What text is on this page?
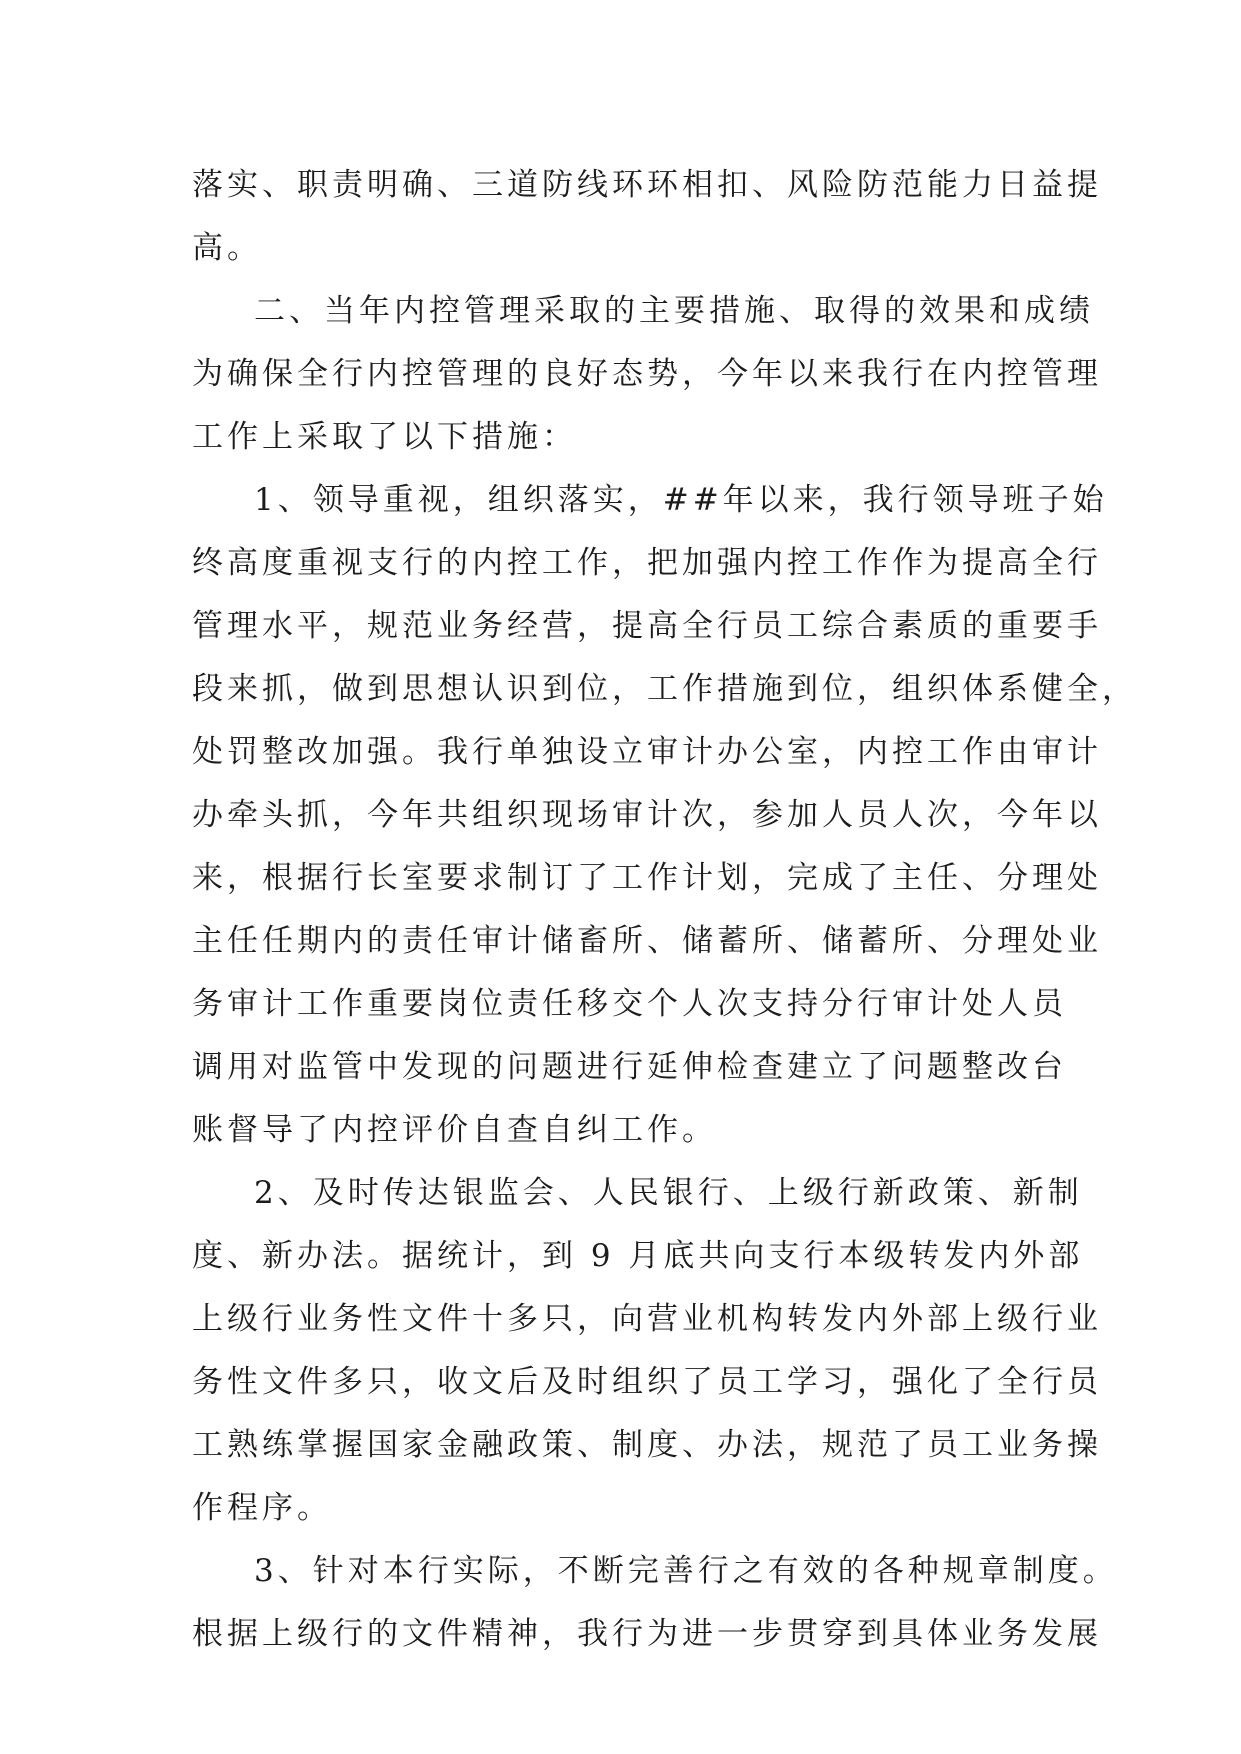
落实、职责明确、三道防线环环相扣、风险防范能力日益提
高。
二、当年内控管理采取的主要措施、取得的效果和成绩
为确保全行内控管理的良好态势，今年以来我行在内控管理
工作上采取了以下措施：
1、领导重视，组织落实，##年以来，我行领导班子始
终高度重视支行的内控工作，把加强内控工作作为提高全行
管理水平，规范业务经营，提高全行员工综合素质的重要手
段来抓，做到思想认识到位，工作措施到位，组织体系健全，
处罚整改加强。我行单独设立审计办公室，内控工作由审计
办牵头抓，今年共组织现场审计次，参加人员人次，今年以
来，根据行长室要求制订了工作计划，完成了主任、分理处
主任任期内的责任审计储畜所、储蓄所、储蓄所、分理处业
务审计工作重要岗位责任移交个人次支持分行审计处人员
调用对监管中发现的问题进行延伸检查建立了问题整改台
账督导了内控评价自查自纠工作。
2、及时传达银监会、人民银行、上级行新政策、新制
度、新办法。据统计，到 9 月底共向支行本级转发内外部
上级行业务性文件十多只，向营业机构转发内外部上级行业
务性文件多只，收文后及时组织了员工学习，强化了全行员
工熟练掌握国家金融政策、制度、办法，规范了员工业务操
作程序。
3、针对本行实际，不断完善行之有效的各种规章制度。
根据上级行的文件精神，我行为进一步贯穿到具体业务发展
